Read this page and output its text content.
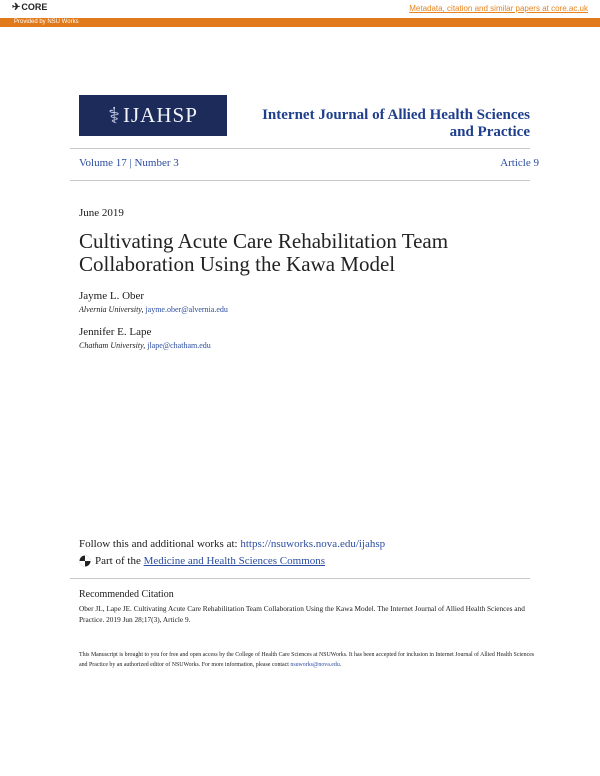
✈CORE	Metadata, citation and similar papers at core.ac.uk
Provided by NSU Works
⚕ IJAHSP	Internet Journal of Allied Health Sciences
and Practice
Volume 17 | Number 3	Article 9
June 2019
Cultivating Acute Care Rehabilitation Team Collaboration Using the Kawa Model
Jayme L. Ober
Alvernia University, jayme.ober@alvernia.edu
Jennifer E. Lape
Chatham University, jlape@chatham.edu
Follow this and additional works at: https://nsuworks.nova.edu/ijahsp
Part of the
Medicine and Health Sciences Commons
Recommended Citation
Ober JL, Lape JE. Cultivating Acute Care Rehabilitation Team Collaboration Using the Kawa Model. The Internet Journal of Allied Health Sciences and Practice. 2019 Jun 28;17(3), Article 9.
This Manuscript is brought to you for free and open access by the College of Health Care Sciences at NSUWorks. It has been accepted for inclusion in Internet Journal of Allied Health Sciences and Practice by an authorized editor of NSUWorks. For more information, please contact nsuworks@nova.edu.
